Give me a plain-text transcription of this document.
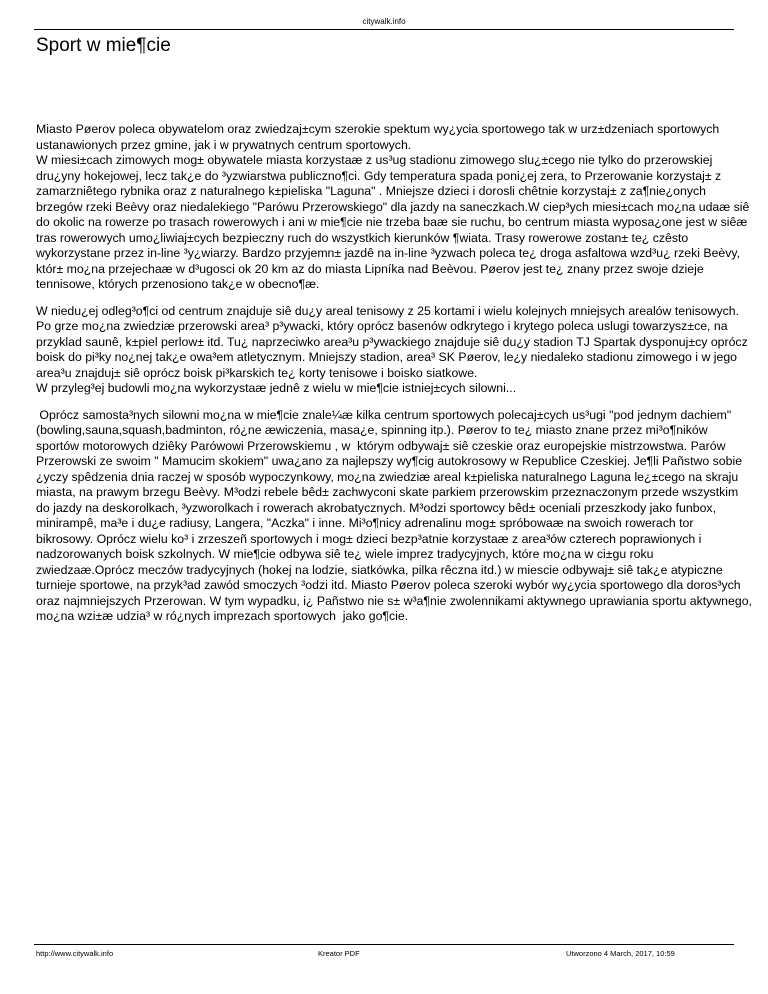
citywalk.info
Sport w mie¶cie

Miasto Pøerov poleca obywatelom oraz zwiedzaj±cym szerokie spektum wy¿ycia sportowego tak w urz±dzeniach sportowych ustanawionych przez gmine, jak i w prywatnych centrum sportowych.
W miesi±cach zimowych mog± obywatele miasta korzystaæ z us³ug stadionu zimowego slu¿±cego nie tylko do przerowskiej dru¿yny hokejowej, lecz tak¿e do ³yzwiarstwa publiczno¶ci. Gdy temperatura spada poni¿ej zera, to Przerowanie korzystaj± z zamarzniêtego rybnika oraz z naturalnego k±pieliska "Laguna" . Mniejsze dzieci i dorosli chêtnie korzystaj± z za¶nie¿onych brzegów rzeki Beèvy oraz niedalekiego "Parówu Przerowskiego" dla jazdy na saneczkach.W ciep³ych miesi±cach mo¿na udaæ siê do okolic na rowerze po trasach rowerowych i ani w mie¶cie nie trzeba baæ sie ruchu, bo centrum miasta wyposa¿one jest w siêæ tras rowerowych umo¿liwiaj±cych bezpieczny ruch do wszystkich kierunków ¶wiata. Trasy rowerowe zostan± te¿ czêsto wykorzystane przez in-line ³y¿wiarzy. Bardzo przyjemn± jazdê na in-line ³yzwach poleca te¿ droga asfaltowa wzd³u¿ rzeki Beèvy, któr± mo¿na przejechaæ w d³ugosci ok 20 km az do miasta Lipníka nad Beèvou. Pøerov jest te¿ znany przez swoje dzieje tennisowe, których przenosiono tak¿e w obecno¶æ.

W niedu¿ej odleg³o¶ci od centrum znajduje siê du¿y areal tenisowy z 25 kortami i wielu kolejnych mniejsych arealów tenisowych. Po grze mo¿na zwiedziæ przerowski area³ p³ywacki, który oprócz basenów odkrytego i krytego poleca uslugi towarzysz±ce, na przyklad saunê, k±piel perlow± itd. Tu¿ naprzeciwko area³u p³ywackiego znajduje siê du¿y stadion TJ Spartak dysponuj±cy oprócz boisk do pi³ky no¿nej tak¿e owa³em atletycznym. Mniejszy stadion, area³ SK Pøerov, le¿y niedaleko stadionu zimowego i w jego area³u znajduj± siê oprócz boisk pi³karskich te¿ korty tenisowe i boisko siatkowe.
W przyleg³ej budowli mo¿na wykorzystaæ jednê z wielu w mie¶cie istniej±cych silowni...

Oprócz samosta³nych silowni mo¿na w mie¶cie znale¼æ kilka centrum sportowych polecaj±cych us³ugi "pod jednym dachiem" (bowling,sauna,squash,badminton, ró¿ne æwiczenia, masa¿e, spinning itp.). Pøerov to te¿ miasto znane przez mi³o¶ników sportów motorowych dziêky Parówowi Przerowskiemu , w  którym odbywaj± siê czeskie oraz europejskie mistrzowstwa. Parów Przerowski ze swoim " Mamucim skokiem" uwa¿ano za najlepszy wy¶cig autokrosowy w Republice Czeskiej. Je¶li Pañstwo sobie ¿yczy spêdzenia dnia raczej w sposób wypoczynkowy, mo¿na zwiedziæ areal k±pieliska naturalnego Laguna le¿±cego na skraju miasta, na prawym brzegu Beèvy. M³odzi rebele bêd± zachwyconi skate parkiem przerowskim przeznaczonym przede wszystkim do jazdy na deskorolkach, ³yzworolkach i rowerach akrobatycznych. M³odzi sportowcy bêd± oceniali przeszkody jako funbox, minirampê, ma³e i du¿e radiusy, Langera, "Aczka" i inne. Mi³o¶nicy adrenalinu mog± spróbowaæ na swoich rowerach tor bikrosowy. Oprócz wielu ko³ i zrzeszeñ sportowych i mog± dzieci bezp³atnie korzystaæ z area³ów czterech poprawionych i nadzorowanych boisk szkolnych. W mie¶cie odbywa siê te¿ wiele imprez tradycyjnych, które mo¿na w ci±gu roku zwiedzaæ.Oprócz meczów tradycyjnych (hokej na lodzie, siatkówka, pilka rêczna itd.) w miescie odbywaj± siê tak¿e atypiczne turnieje sportowe, na przyk³ad zawód smoczych ³odzi itd. Miasto Pøerov poleca szeroki wybór wy¿ycia sportowego dla doros³ych oraz najmniejszych Przerowan. W tym wypadku, i¿ Pañstwo nie s± w³a¶nie zwolennikami aktywnego uprawiania sportu aktywnego, mo¿na wzi±æ udzia³ w ró¿nych imprezach sportowych  jako go¶cie.

http://www.citywalk.info	Kreator PDF	Utworzono 4 March, 2017, 10:59
